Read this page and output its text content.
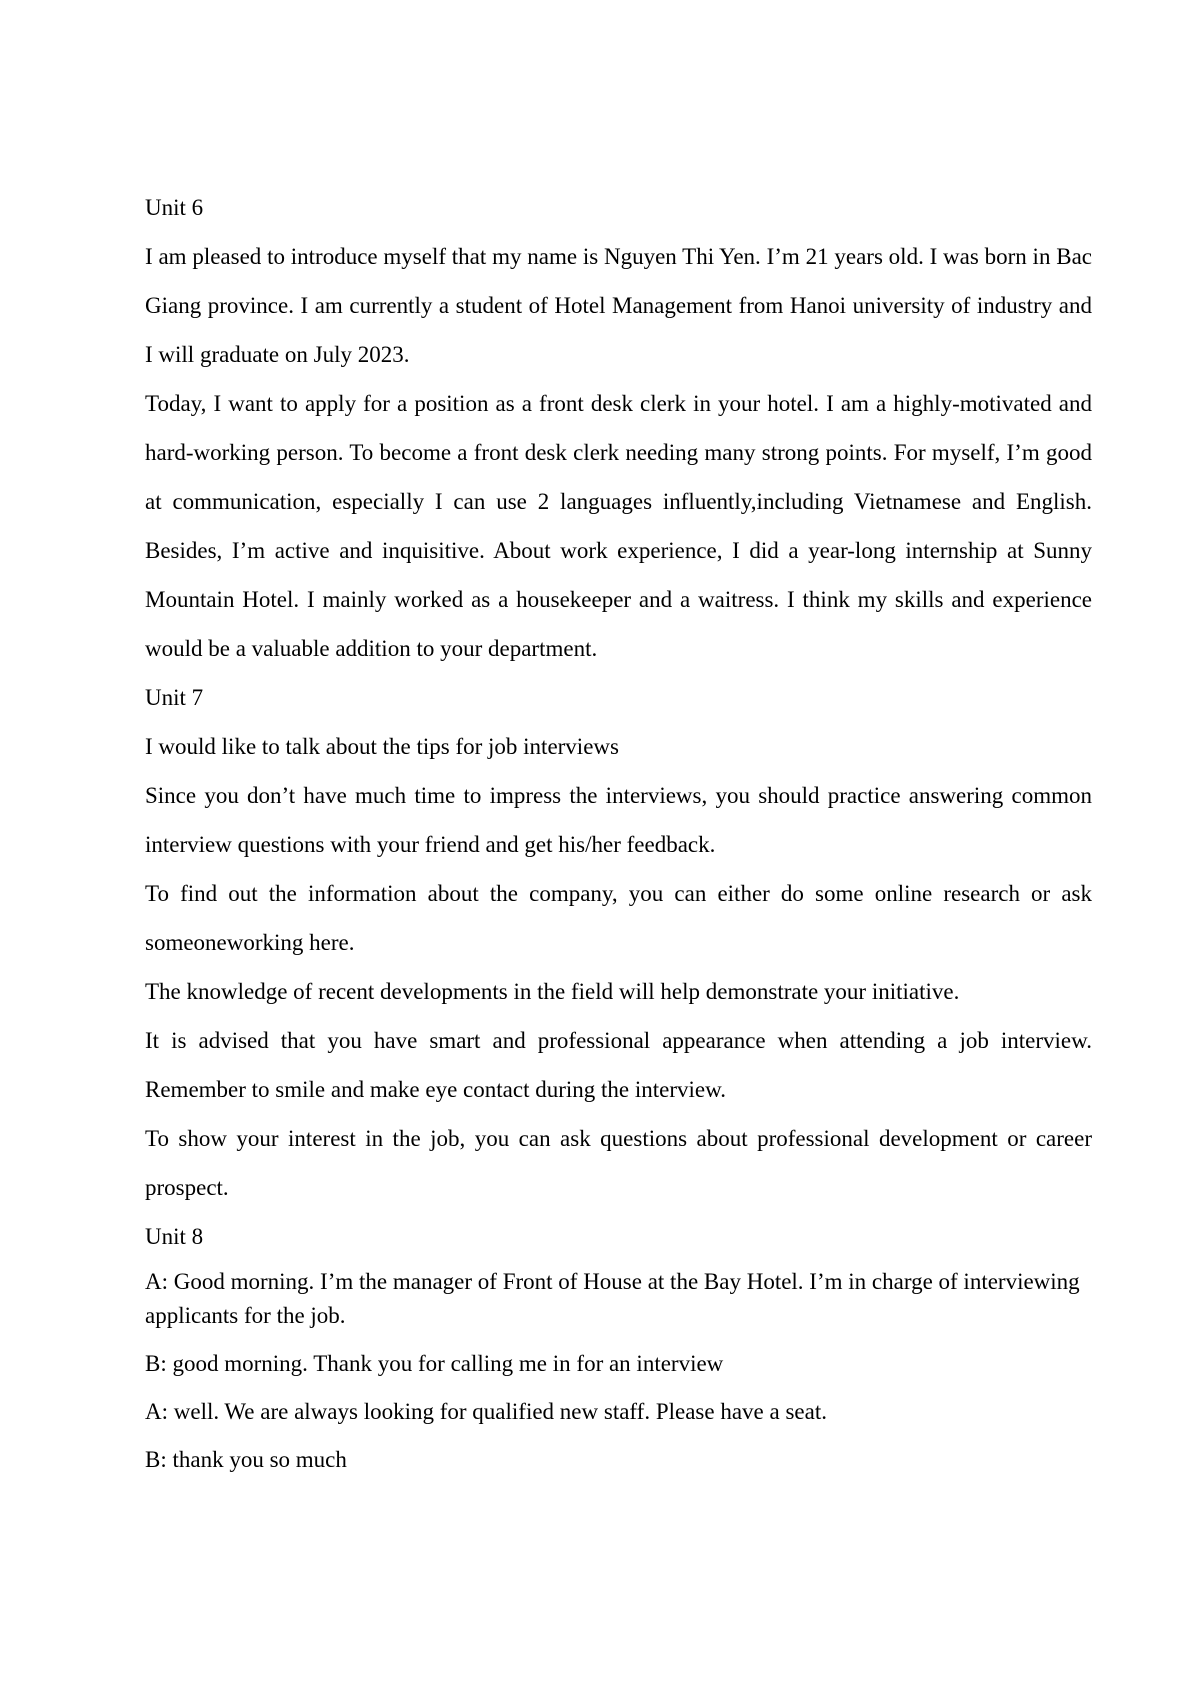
Unit 6

I am pleased to introduce myself that my name is Nguyen Thi Yen. I’m 21 years old. I was born in Bac Giang province. I am currently a student of Hotel Management from Hanoi university of industry and I will graduate on July 2023.

Today, I want to apply for a position as a front desk clerk in your hotel. I am a highly-motivated and hard-working person. To become a front desk clerk needing many strong points. For myself, I’m good at communication, especially I can use 2 languages influently,including Vietnamese and English. Besides, I’m active and inquisitive. About work experience, I did a year-long internship at Sunny Mountain Hotel. I mainly worked as a housekeeper and a waitress. I think my skills and experience would be a valuable addition to your department.

Unit 7

I would like to talk about the tips for job interviews

Since you don’t have much time to impress the interviews, you should practice answering common interview questions with your friend and get his/her feedback.

To find out the information about the company, you can either do some online research or ask someoneworking here.

The knowledge of recent developments in the field will help demonstrate your initiative.

It is advised that you have smart and professional appearance when attending a job interview. Remember to smile and make eye contact during the interview.

To show your interest in the job, you can ask questions about professional development or career prospect.

Unit 8

A: Good morning. I’m the manager of Front of House at the Bay Hotel. I’m in charge of interviewing applicants for the job.

B: good morning. Thank you for calling me in for an interview

A: well. We are always looking for qualified new staff. Please have a seat.

B: thank you so much
